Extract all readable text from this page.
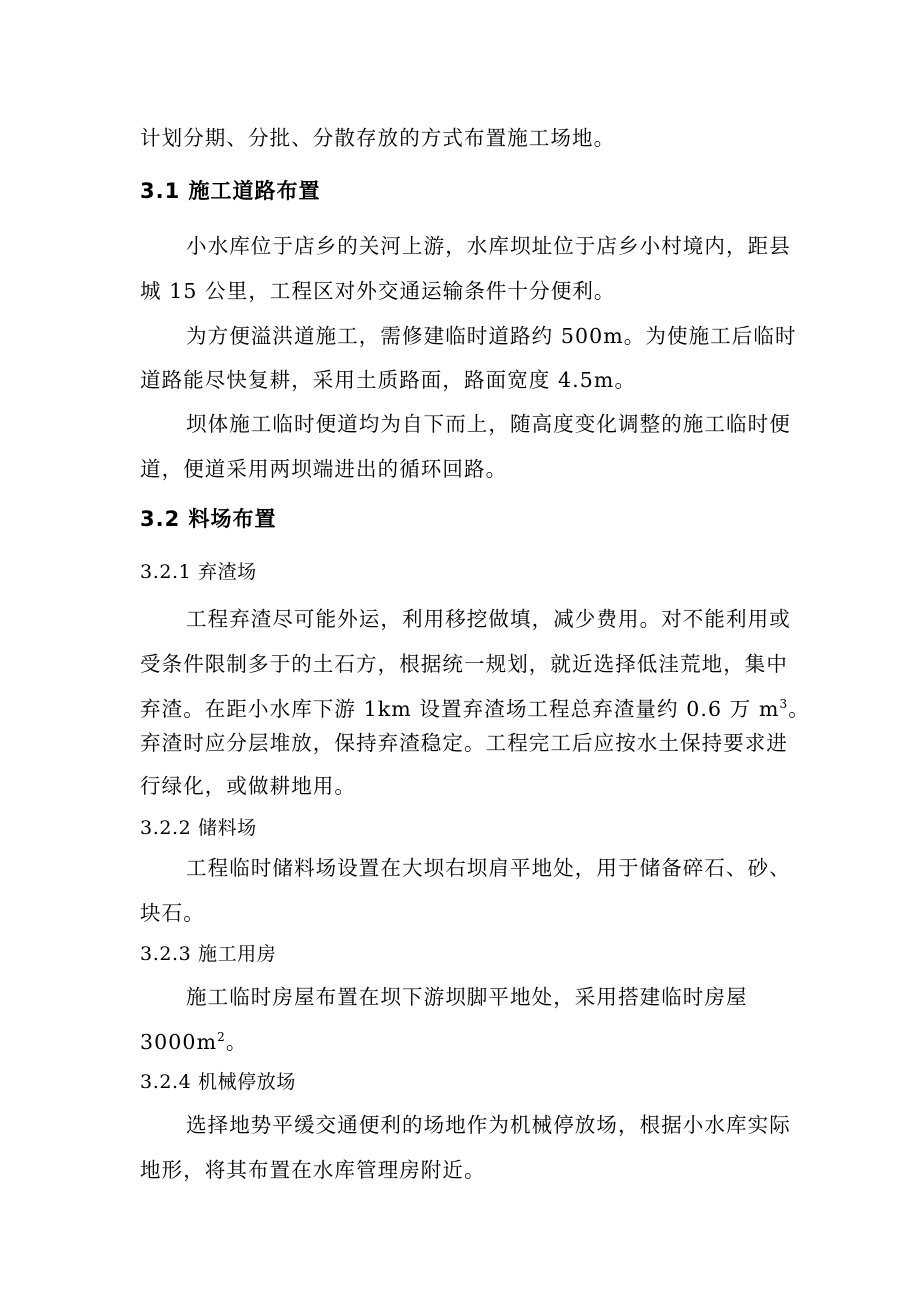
计划分期、分批、分散存放的方式布置施工场地。
3.1 施工道路布置
小水库位于店乡的关河上游，水库坝址位于店乡小村境内，距县
城 15 公里，工程区对外交通运输条件十分便利。
为方便溢洪道施工，需修建临时道路约 500m。为使施工后临时
道路能尽快复耕，采用土质路面，路面宽度 4.5m。
坝体施工临时便道均为自下而上，随高度变化调整的施工临时便
道，便道采用两坝端进出的循环回路。
3.2 料场布置
3.2.1 弃渣场
工程弃渣尽可能外运，利用移挖做填，减少费用。对不能利用或
受条件限制多于的土石方，根据统一规划，就近选择低洼荒地，集中
弃渣。在距小水库下游 1km 设置弃渣场工程总弃渣量约 0.6 万 $m^3$。
弃渣时应分层堆放，保持弃渣稳定。工程完工后应按水土保持要求进
行绿化，或做耕地用。
3.2.2 储料场
工程临时储料场设置在大坝右坝肩平地处，用于储备碎石、砂、
块石。
3.2.3 施工用房
施工临时房屋布置在坝下游坝脚平地处，采用搭建临时房屋
$3000m^2$。
3.2.4 机械停放场
选择地势平缓交通便利的场地作为机械停放场，根据小水库实际
地形，将其布置在水库管理房附近。
